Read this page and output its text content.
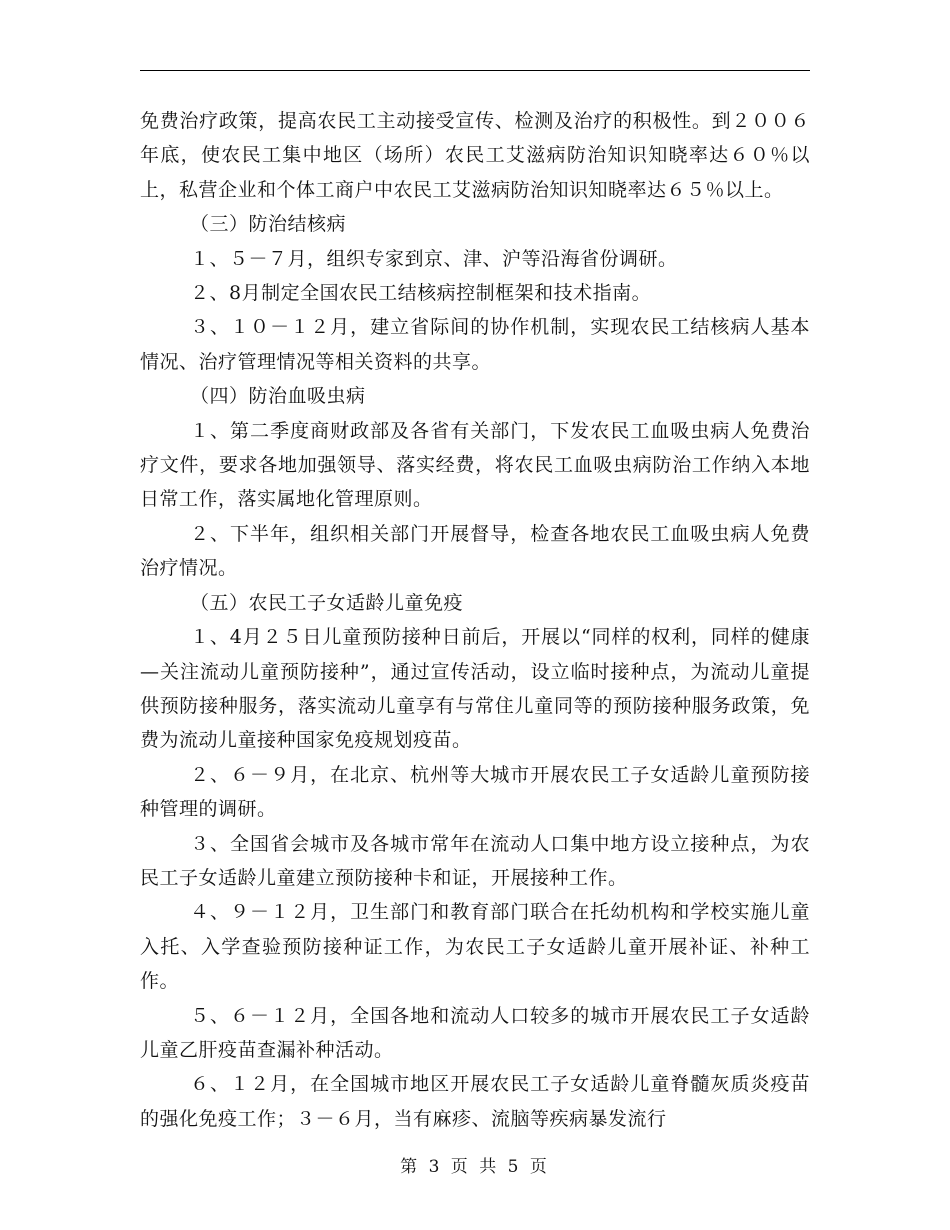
免费治疗政策，提高农民工主动接受宣传、检测及治疗的积极性。到２００６年底，使农民工集中地区（场所）农民工艾滋病防治知识知晓率达６０％以上，私营企业和个体工商户中农民工艾滋病防治知识知晓率达６５％以上。

（三）防治结核病

１、５－７月，组织专家到京、津、沪等沿海省份调研。

２、8月制定全国农民工结核病控制框架和技术指南。

３、１０－１２月，建立省际间的协作机制，实现农民工结核病人基本情况、治疗管理情况等相关资料的共享。

（四）防治血吸虫病

１、第二季度商财政部及各省有关部门，下发农民工血吸虫病人免费治疗文件，要求各地加强领导、落实经费，将农民工血吸虫病防治工作纳入本地日常工作，落实属地化管理原则。

２、下半年，组织相关部门开展督导，检查各地农民工血吸虫病人免费治疗情况。

（五）农民工子女适龄儿童免疫

１、4月２５日儿童预防接种日前后，开展以“同样的权利，同样的健康—关注流动儿童预防接种”，通过宣传活动，设立临时接种点，为流动儿童提供预防接种服务，落实流动儿童享有与常住儿童同等的预防接种服务政策，免费为流动儿童接种国家免疫规划疫苗。

２、６－９月，在北京、杭州等大城市开展农民工子女适龄儿童预防接种管理的调研。

３、全国省会城市及各城市常年在流动人口集中地方设立接种点，为农民工子女适龄儿童建立预防接种卡和证，开展接种工作。

４、９－１２月，卫生部门和教育部门联合在托幼机构和学校实施儿童入托、入学查验预防接种证工作，为农民工子女适龄儿童开展补证、补种工作。

５、６－１２月，全国各地和流动人口较多的城市开展农民工子女适龄儿童乙肝疫苗查漏补种活动。

６、１２月，在全国城市地区开展农民工子女适龄儿童脊髓灰质炎疫苗的强化免疫工作；３－６月，当有麻疹、流脑等疾病暴发流行

第 3 页 共 5 页
